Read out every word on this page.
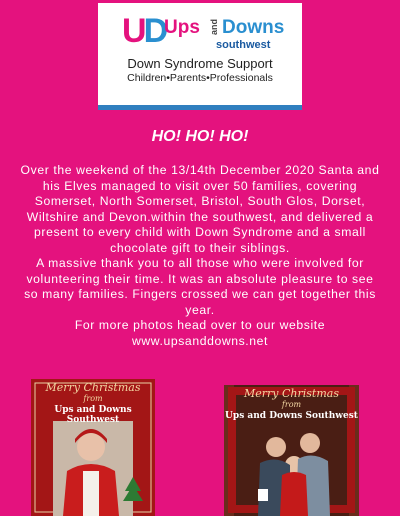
UD
Ups and Downs
southwest
Down Syndrome Support
Children•Parents•Professionals
HO! HO! HO!

Over the weekend of the 13/14th December 2020 Santa and his Elves managed to visit over 50 families, covering Somerset, North Somerset, Bristol, South Glos, Dorset, Wiltshire and Devon.within the southwest, and delivered a present to every child with Down Syndrome and a small chocolate gift to their siblings.

A massive thank you to all those who were involved for volunteering their time. It was an absolute pleasure to see so many families. Fingers crossed we can get together this year.

For more photos head over to our website

www.upsanddowns.net

Merry Christmas
from
Ups and Downs Southwest
Merry Christmas
from
Ups and Downs Southwest
